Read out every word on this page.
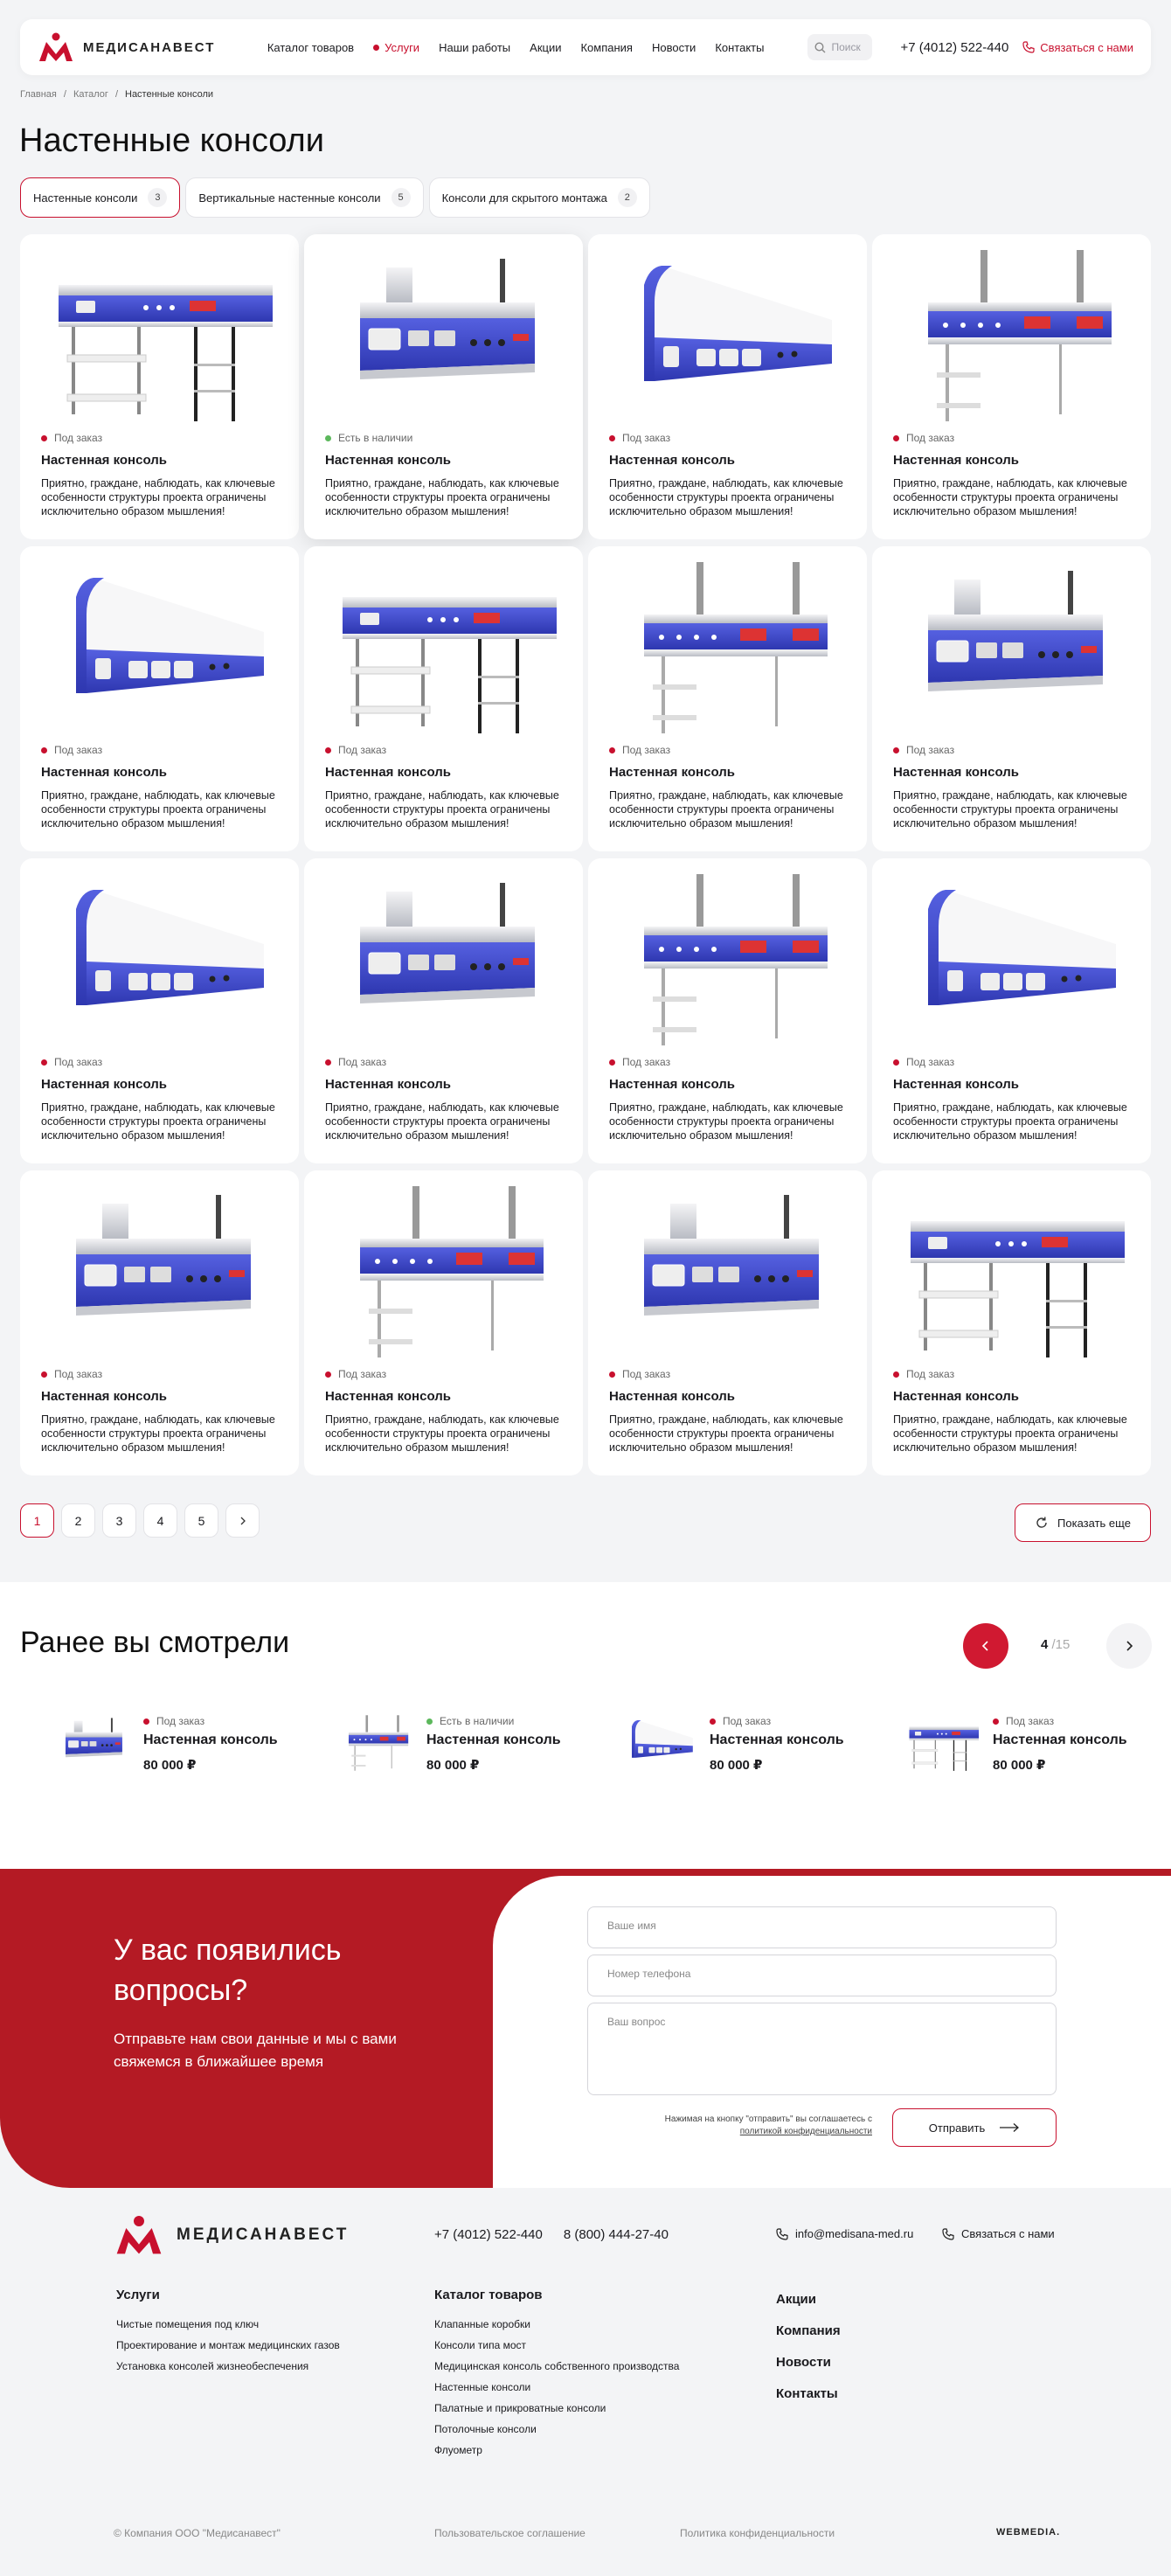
МЕДИСАНАВЕСТ	Каталог товаров	Услуги Наши работы Акции Компания Новости Контакты	Поиск	+7 (4012) 522-440	Связаться с нами
Главная / Каталог / Настенные консоли
Настенные консоли
Настенные консоли	3	Вертикальные настенные консоли	5	Консоли для скрытого монтажа	2
Под заказ
Настенная консоль
Приятно, граждане, наблюдать, как ключевые особенности структуры проекта ограничены исключительно образом мышления!
Есть в наличии
Настенная консоль
Приятно, граждане, наблюдать, как ключевые особенности структуры проекта ограничены исключительно образом мышления!
Под заказ
Настенная консоль
Приятно, граждане, наблюдать, как ключевые особенности структуры проекта ограничены исключительно образом мышления!
Под заказ
Настенная консоль
Приятно, граждане, наблюдать, как ключевые особенности структуры проекта ограничены исключительно образом мышления!
Под заказ
Настенная консоль
Приятно, граждане, наблюдать, как ключевые особенности структуры проекта ограничены исключительно образом мышления!
Под заказ
Настенная консоль
Приятно, граждане, наблюдать, как ключевые особенности структуры проекта ограничены исключительно образом мышления!
Под заказ
Настенная консоль
Приятно, граждане, наблюдать, как ключевые особенности структуры проекта ограничены исключительно образом мышления!
Под заказ
Настенная консоль
Приятно, граждане, наблюдать, как ключевые особенности структуры проекта ограничены исключительно образом мышления!
Под заказ
Настенная консоль
Приятно, граждане, наблюдать, как ключевые особенности структуры проекта ограничены исключительно образом мышления!
Под заказ
Настенная консоль
Приятно, граждане, наблюдать, как ключевые особенности структуры проекта ограничены исключительно образом мышления!
Под заказ
Настенная консоль
Приятно, граждане, наблюдать, как ключевые особенности структуры проекта ограничены исключительно образом мышления!
Под заказ
Настенная консоль
Приятно, граждане, наблюдать, как ключевые особенности структуры проекта ограничены исключительно образом мышления!
Под заказ
Настенная консоль
Приятно, граждане, наблюдать, как ключевые особенности структуры проекта ограничены исключительно образом мышления!
Под заказ
Настенная консоль
Приятно, граждане, наблюдать, как ключевые особенности структуры проекта ограничены исключительно образом мышления!
Под заказ
Настенная консоль
Приятно, граждане, наблюдать, как ключевые особенности структуры проекта ограничены исключительно образом мышления!
Под заказ
Настенная консоль
Приятно, граждане, наблюдать, как ключевые особенности структуры проекта ограничены исключительно образом мышления!
1	2	3	4	5	Показать еще
Ранее вы смотрели	4 /15
Под заказ
Настенная консоль
80 000 ₽
Есть в наличии
Настенная консоль
80 000 ₽
Под заказ
Настенная консоль
80 000 ₽
Под заказ
Настенная консоль
80 000 ₽
У вас появились вопросы?
Отправьте нам свои данные и мы с вами свяжемся в ближайшее время
Ваше имя
Номер телефона
Ваш вопрос
Нажимая на кнопку "отправить" вы соглашаетесь с политикой конфиденциальности	Отправить
МЕДИСАНАВЕСТ	+7 (4012) 522-440 8 (800) 444-27-40	info@medisana-med.ru	Связаться с нами
Услуги
Чистые помещения под ключ
Проектирование и монтаж медицинских газов
Установка консолей жизнеобеспечения
Каталог товаров
Клапанные коробки
Консоли типа мост
Медицинская консоль собственного производства
Настенные консоли
Палатные и прикроватные консоли
Потолочные консоли
Флуометр
Акции
Компания
Новости
Контакты
© Компания ООО "Медисанавест"	Пользовательское соглашение	Политика конфиденциальности	WEBMEDIA.
